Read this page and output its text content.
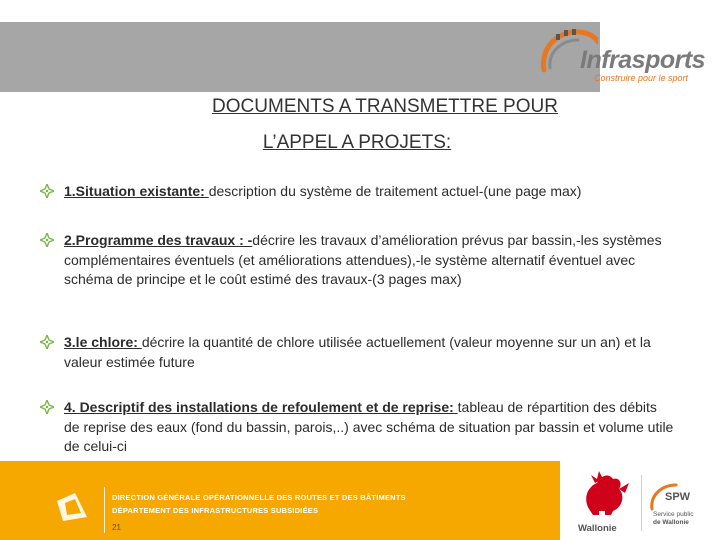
Infrasports
Construire pour le sport
DOCUMENTS A TRANSMETTRE POUR
L’APPEL A PROJETS:
1.Situation existante: description du système de traitement actuel-(une page max)
2.Programme des travaux : -décrire les travaux d’amélioration prévus par bassin,-les systèmes complémentaires éventuels (et améliorations attendues),-le système alternatif éventuel avec schéma de principe et le coût estimé des travaux-(3 pages max)
3.le chlore: décrire la quantité de chlore utilisée actuellement (valeur moyenne sur un an) et la valeur estimée future
4. Descriptif des installations de refoulement et de reprise: tableau de répartition des débits de reprise des eaux (fond du bassin, parois,..) avec schéma de situation par bassin et volume utile de celui-ci
DIRECTION GÉNÉRALE OPÉRATIONNELLE DES ROUTES ET DES BÂTIMENTS
DÉPARTEMENT DES INFRASTRUCTURES SUBSIDIÉES
21	Wallonie
SPW
Service public
de Wallonie
